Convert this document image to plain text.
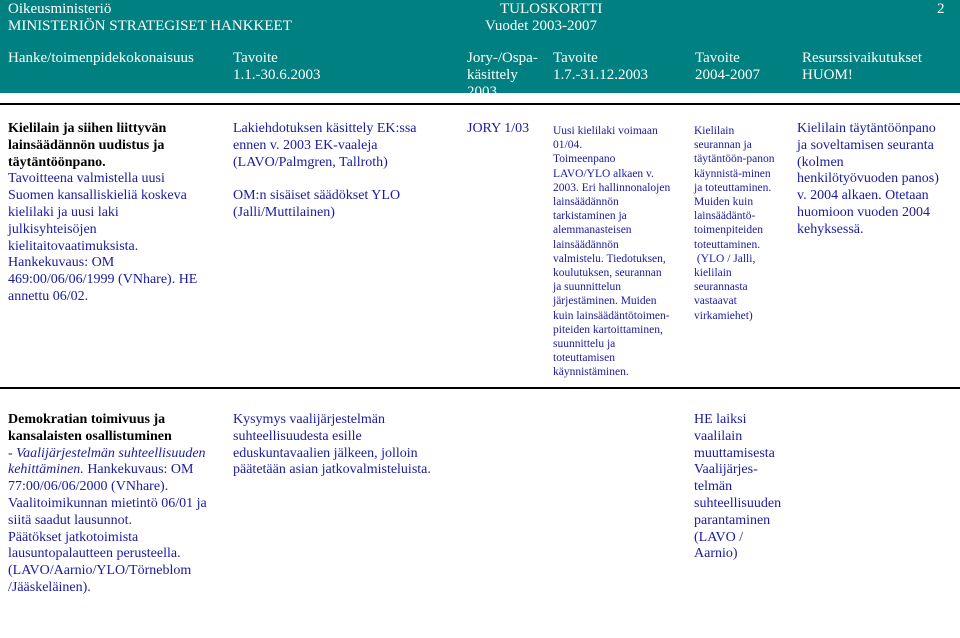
Oikeusministeriö
MINISTERIÖN STRATEGISET HANKKEET
TULOSKORTTI
Vuodet 2003-2007
2
Hanke/toimenpidekokonaisuus	Tavoite
1.1.-30.6.2003
Jory-/Ospa-
käsittely
2003
Tavoite
1.7.-31.12.2003
Tavoite
2004-2007
Resurssivaikutukset
HUOM!
Kielilain ja siihen liittyvän
lainsäädännön uudistus ja
täytäntöönpano.
Tavoitteena valmistella uusi
Suomen kansalliskieliä koskeva
kielilaki ja uusi laki
julkisyhteisöjen
kielitaitovaatimuksista.
Hankekuvaus: OM
469:00/06/06/1999 (VNhare). HE
annettu 06/02.
Lakiehdotuksen käsittely EK:ssa
ennen v. 2003 EK-vaaleja
(LAVO/Palmgren, Tallroth)
OM:n sisäiset säädökset YLO
(Jalli/Muttilainen)
JORY 1/03 Uusi kielilaki voimaan
01/04.
Toimeenpano
LAVO/YLO alkaen v.
2003. Eri hallinnonalojen
lainsäädännön
tarkistaminen ja
alemmanasteisen
lainsäädännön
valmistelu. Tiedotuksen,
koulutuksen, seurannan
ja suunnittelun
järjestäminen. Muiden
kuin lainsäädäntötoimen-
piteiden kartoittaminen,
suunnittelu ja
toteuttamisen
käynnistäminen.
Kielilain
seurannan ja
täytäntöön-panon
käynnistä-minen
ja toteuttaminen.
Muiden kuin
lainsäädäntö-
toimenpiteiden
toteuttaminen.
(YLO / Jalli,
kielilain
seurannasta
vastaavat
virkamiehet)
Kielilain täytäntöönpano
ja soveltamisen seuranta
(kolmen
henkilötyövuoden panos)
v. 2004 alkaen. Otetaan
huomioon vuoden 2004
kehyksessä.
Demokratian toimivuus ja
kansalaisten osallistuminen
- Vaalijärjestelmän suhteellisuuden
kehittäminen. Hankekuvaus: OM
77:00/06/06/2000 (VNhare).
Vaalitoimikunnan mietintö 06/01 ja
siitä saadut lausunnot.
Päätökset jatkotoimista
lausuntopalautteen perusteella.
(LAVO/Aarnio/YLO/Törneblom
/Jääskeläinen).
Kysymys vaalijärjestelmän
suhteellisuudesta esille
eduskuntavaalien jälkeen, jolloin
päätetään asian jatkovalmisteluista.
HE laiksi
vaalilain
muuttamisesta
Vaalijärjes-
telmän
suhteellisuuden
parantaminen
(LAVO /
Aarnio)
